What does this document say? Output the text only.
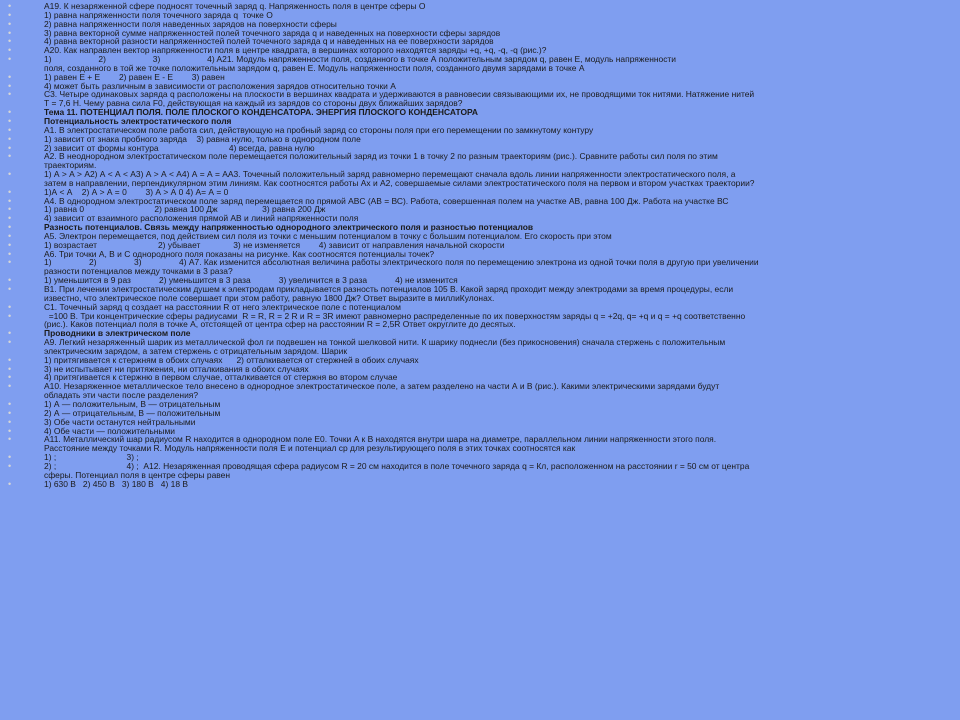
•	A19. К незаряженной сфере подносят точечный заряд q. Напряженность поля в центре сферы О
•	1) равна напряженности поля точечного заряда q  точке О
•	2) равна напряженности поля наведенных зарядов на поверхности сферы
•	3) равна векторной сумме напряженностей полей точечного заряда q и наведенных на поверхности сферы зарядов
•	4) равна векторной разности напряженностей полей точечного заряда q и наведенных на ее поверхности зарядов
•	A20. Как направлен вектор напряженности поля в центре квадрата, в вершинах которого находятся заряды +q, +q, -q, -q (рис.)?
•	1)                    2)                    3)                    4) A21. Модуль напряженности поля, созданного в точке А положительным зарядом q, равен Е, модуль напряженности
поля, созданного в той же точке положительным зарядом q, равен Е. Модуль напряженности поля, созданного двумя зарядами в точке А
•	1) равен Е + Е        2) равен Е - Е        3) равен
•	4) может быть различным в зависимости от расположения зарядов относительно точки А
•	C3. Четыре одинаковых заряда q расположены на плоскости в вершинах квадрата и удерживаются в равновесии связывающими их, не проводящими ток нитями. Натяжение нитей
Т = 7,6 Н. Чему равна сила F0, действующая на каждый из зарядов со стороны двух ближайших зарядов?
•	Тема 11. ПОТЕНЦИАЛ ПОЛЯ. ПОЛЕ ПЛОСКОГО КОНДЕНСАТОРА. ЭНЕРГИЯ ПЛОСКОГО КОНДЕНСАТОРА
•	Потенциальность электростатического поля
•	А1. В электростатическом поле работа сил, действующую на пробный заряд со стороны поля при его перемещении по замкнутому контуру
•	1) зависит от знака пробного заряда    3) равна нулю, только в однородном поле
•	2) зависит от формы контура                              4) всегда, равна нулю
•	А2. В неоднородном электростатическом поле перемещается положительный заряд из точки 1 в точку 2 по разным траекториям (рис.). Сравните работы сил поля по этим
траекториям.
•	1) А > А > А2) А < А < А3) А > А < А4) А = А = АА3. Точечный положительный заряд равномерно перемещают сначала вдоль линии напряженности электростатического поля, а
затем в направлении, перпендикулярном этим линиям. Как соотносятся работы Ах и А2, совершаемые силами электростатического поля на первом и втором участках траектории?
•	1)А < А    2) А > А = 0        3) А > А 0 4) А= А = 0
•	А4. В однородном электростатическом поле заряд перемещается по прямой ABC (АВ = ВС). Работа, совершенная полем на участке АВ, равна 100 Дж. Работа на участке ВС
•	1) равна 0                              2) равна 100 Дж                   3) равна 200 Дж
•	4) зависит от взаимного расположения прямой АВ и линий напряженности поля
•	Разность потенциалов. Связь между напряженностью однородного электрического поля и разностью потенциалов
•	А5. Электрон перемещается, под действием сил поля из точки с меньшим потенциалом в точку с большим потенциалом. Его скорость при этом
•	1) возрастает                          2) убывает              3) не изменяется        4) зависит от направления начальной скорости
•	А6. Три точки А, В и С однородного поля показаны на рисунке. Как соотносятся потенциалы точек?
•	1)                2)                3)                4) А7. Как изменится абсолютная величина работы электрического поля по перемещению электрона из одной точки поля в другую при увеличении
разности потенциалов между точками в 3 раза?
•	1) уменьшится в 9 раз            2) уменьшится в 3 раза            3) увеличится в 3 раза            4) не изменится
•	В1. При лечении электростатическим душем к электродам прикладывается разность потенциалов 105 В. Какой заряд проходит между электродами за время процедуры, если
известно, что электрическое поле совершает при этом работу, равную 1800 Дж? Ответ выразите в миллиКулонах.
•	C1. Точечный заряд q создает на расстоянии R от него электрическое поле с потенциалом
•	=100 В. Три концентрические сферы радиусами  R = R, R = 2 R и R = 3R имеют равномерно распределенные по их поверхностям заряды q = +2q, q= +q и q = +q соответственно
(рис.). Каков потенциал поля в точке А, отстоящей от центра сфер на расстоянии R = 2,5R Ответ округлите до десятых.
•	Проводники в электрическом поле
•	А9. Легкий незаряженный шарик из металлической фол ги подвешен на тонкой шелковой нити. К шарику поднесли (без прикосновения) сначала стержень с положительным
электрическим зарядом, а затем стержень с отрицательным зарядом. Шарик
•	1) притягивается к стержням в обоих случаях      2) отталкивается от стержней в обоих случаях
•	3) не испытывает ни притяжения, ни отталкивания в обоих случаях
•	4) притягивается к стержню в первом случае, отталкивается от стержня во втором случае
•	А10. Незаряженное металлическое тело внесено в однородное электростатическое поле, а затем разделено на части А и В (рис.). Какими электрическими зарядами будут
обладать эти части после разделения?
•	1) А — положительным, В — отрицательным
•	2) А — отрицательным, В — положительным
•	3) Обе части останутся нейтральными
•	4) Обе части — положительными
•	А11. Металлический шар радиусом R находится в однородном поле Е0. Точки А к В находятся внутри шара на диаметре, параллельном линии напряженности этого поля.
Расстояние между точками R. Модуль напряженности поля Е и потенциал ср для результирующего поля в этих точках соотносятся как
•	1) ;                              3) ;
•	2) ;                              4) ;  А12. Незаряженная проводящая сфера радиусом R = 20 см находится в поле точечного заряда q = Кл, расположенном на расстоянии r = 50 см от центра
сферы. Потенциал поля в центре сферы равен
•	1) 630 В   2) 450 В   3) 180 В   4) 18 В
